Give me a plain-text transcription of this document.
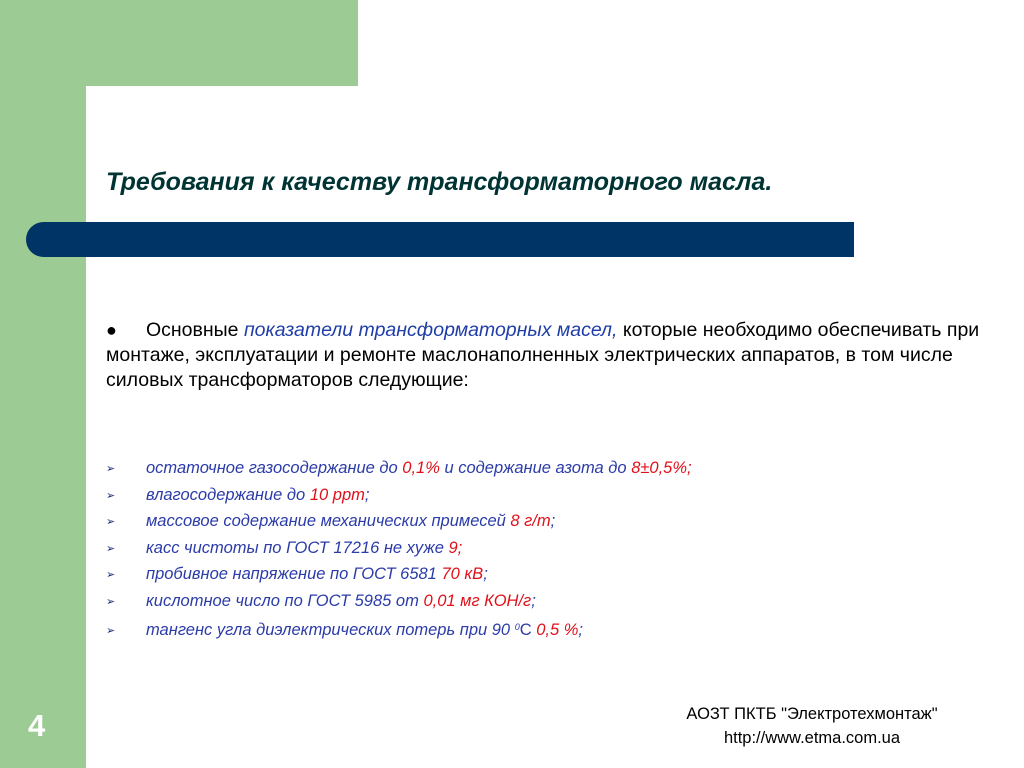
Требования к качеству трансформаторного масла.

● Основные показатели трансформаторных масел, которые необходимо обеспечивать при монтаже, эксплуатации и ремонте маслонаполненных электрических аппаратов, в том числе силовых трансформаторов следующие:

➢ остаточное газосодержание до 0,1% и содержание азота до 8±0,5%;
➢ влагосодержание до 10 ppm;
➢ массовое содержание механических примесей 8 г/т;
➢ касс чистоты по ГОСТ 17216 не хуже 9;
➢ пробивное напряжение по ГОСТ 6581 70 кВ;
➢ кислотное число по ГОСТ 5985 от 0,01 мг КОН/г;
➢ тангенс угла диэлектрических потерь при 90 $^0$С 0,5 %;
4	АОЗТ ПКТБ "Электротехмонтаж"
http://www.etma.com.ua
